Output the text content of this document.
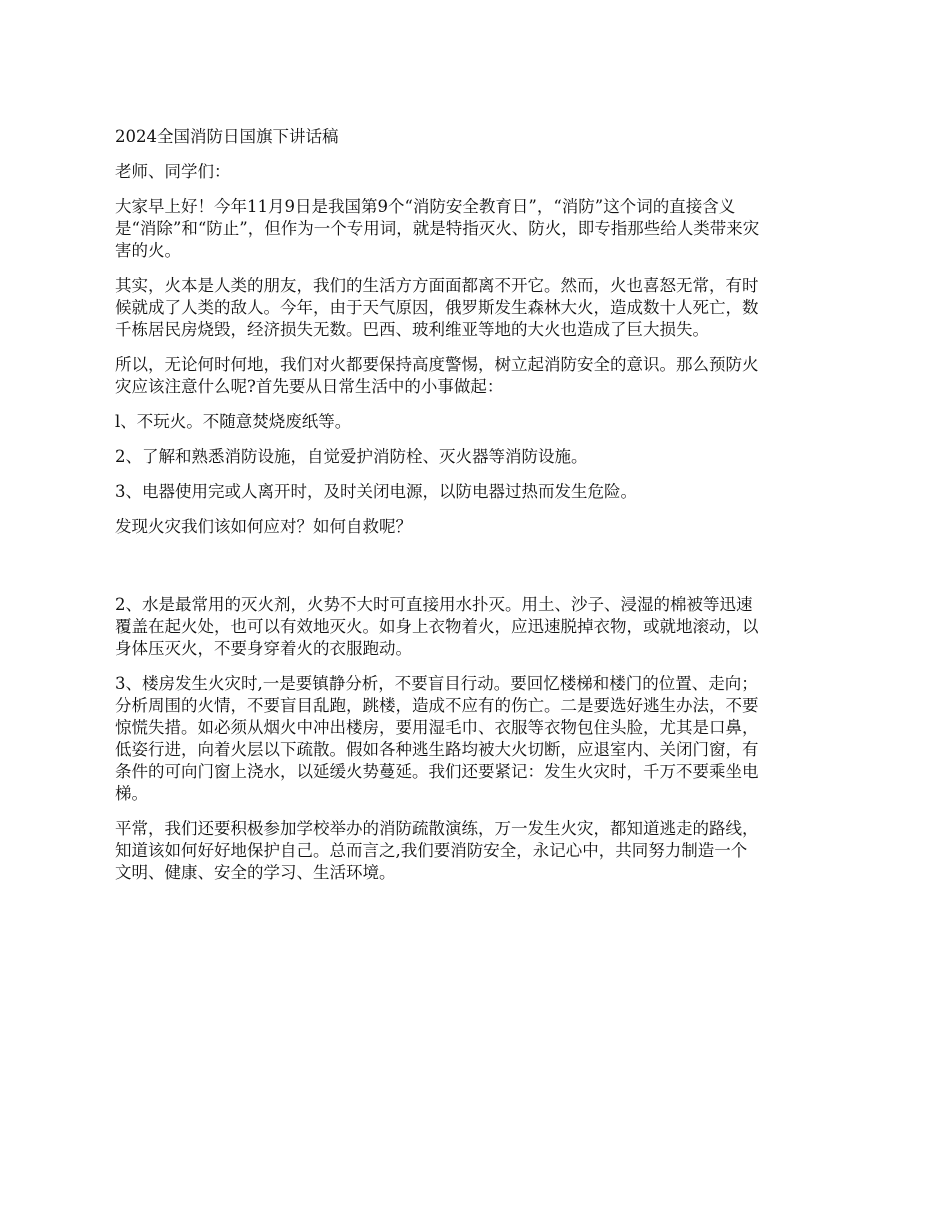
2024全国消防日国旗下讲话稿

老师、同学们：

大家早上好！今年11月9日是我国第9个“消防安全教育日”，“消防”这个词的直接含义

是“消除”和“防止”，但作为一个专用词，就是特指灭火、防火，即专指那些给人类带来灾

害的火。

其实，火本是人类的朋友，我们的生活方方面面都离不开它。然而，火也喜怒无常，有时

候就成了人类的敌人。今年，由于天气原因，俄罗斯发生森林大火，造成数十人死亡，数

千栋居民房烧毁，经济损失无数。巴西、玻利维亚等地的大火也造成了巨大损失。

所以，无论何时何地，我们对火都要保持高度警惕，树立起消防安全的意识。那么预防火

灾应该注意什么呢?首先要从日常生活中的小事做起：

l、不玩火。不随意焚烧废纸等。

2、了解和熟悉消防设施，自觉爱护消防栓、灭火器等消防设施。

3、电器使用完或人离开时，及时关闭电源，以防电器过热而发生危险。

发现火灾我们该如何应对？如何自救呢？

2、水是最常用的灭火剂，火势不大时可直接用水扑灭。用土、沙子、浸湿的棉被等迅速

覆盖在起火处，也可以有效地灭火。如身上衣物着火，应迅速脱掉衣物，或就地滚动，以

身体压灭火，不要身穿着火的衣服跑动。

3、楼房发生火灾时,一是要镇静分析，不要盲目行动。要回忆楼梯和楼门的位置、走向；

分析周围的火情，不要盲目乱跑，跳楼，造成不应有的伤亡。二是要选好逃生办法，不要

惊慌失措。如必须从烟火中冲出楼房，要用湿毛巾、衣服等衣物包住头脸，尤其是口鼻，

低姿行进，向着火层以下疏散。假如各种逃生路均被大火切断，应退室内、关闭门窗，有

条件的可向门窗上浇水，以延缓火势蔓延。我们还要紧记：发生火灾时，千万不要乘坐电

梯。

平常，我们还要积极参加学校举办的消防疏散演练，万一发生火灾，都知道逃走的路线，

知道该如何好好地保护自己。总而言之,我们要消防安全，永记心中，共同努力制造一个

文明、健康、安全的学习、生活环境。
